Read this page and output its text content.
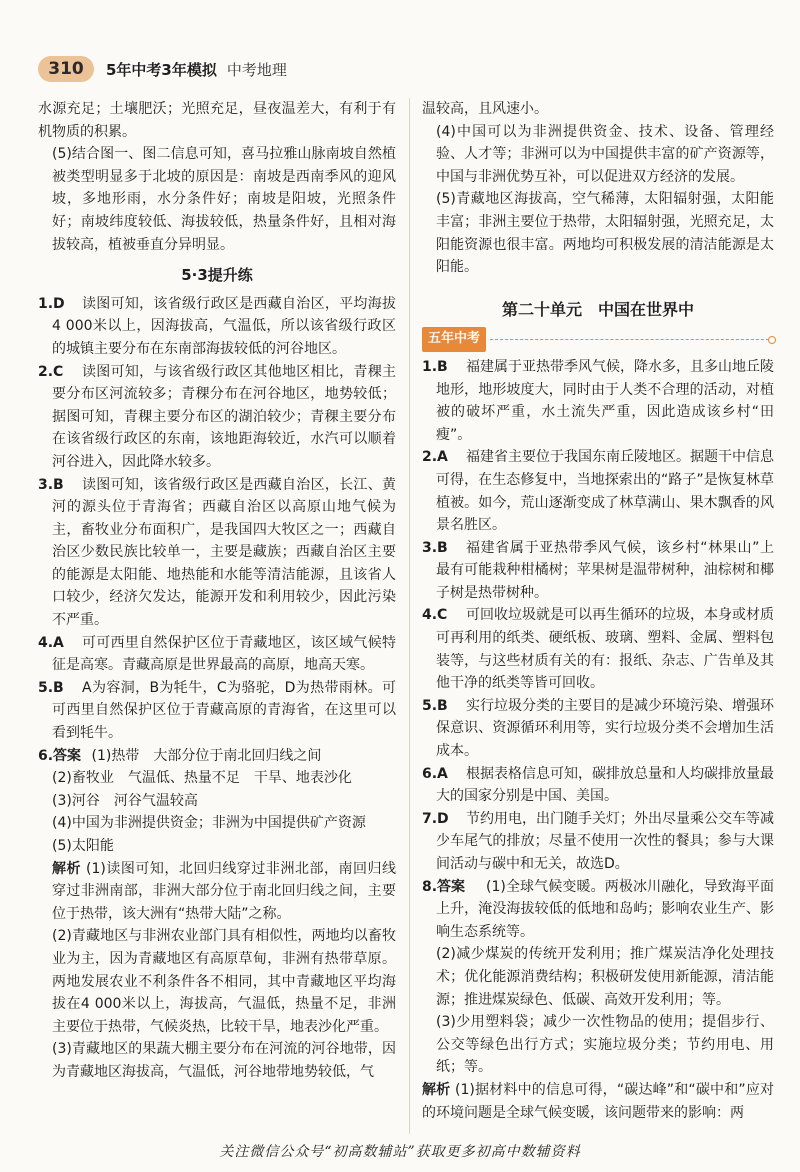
310	5年中考3年模拟 中考地理

水源充足；土壤肥沃；光照充足，昼夜温差大，有利于有机物质的积累。

(5)结合图一、图二信息可知，喜马拉雅山脉南坡自然植被类型明显多于北坡的原因是：南坡是西南季风的迎风坡，多地形雨，水分条件好；南坡是阳坡，光照条件好；南坡纬度较低、海拔较低，热量条件好，且相对海拔较高，植被垂直分异明显。

5·3提升练

1.D	读图可知，该省级行政区是西藏自治区，平均海拔4 000米以上，因海拔高，气温低，所以该省级行政区的城镇主要分布在东南部海拔较低的河谷地区。

2.C	读图可知，与该省级行政区其他地区相比，青稞主要分布区河流较多；青稞分布在河谷地区，地势较低；据图可知，青稞主要分布区的湖泊较少；青稞主要分布在该省级行政区的东南，该地距海较近，水汽可以顺着河谷进入，因此降水较多。

3.B	读图可知，该省级行政区是西藏自治区，长江、黄河的源头位于青海省；西藏自治区以高原山地气候为主，畜牧业分布面积广，是我国四大牧区之一；西藏自治区少数民族比较单一，主要是藏族；西藏自治区主要的能源是太阳能、地热能和水能等清洁能源，且该省人口较少，经济欠发达，能源开发和利用较少，因此污染不严重。

4.A	可可西里自然保护区位于青藏地区，该区域气候特征是高寒。青藏高原是世界最高的高原，地高天寒。

5.B	A为容洞，B为牦牛，C为骆驼，D为热带雨林。可可西里自然保护区位于青藏高原的青海省，在这里可以看到牦牛。

6.答案 (1)热带　大部分位于南北回归线之间

(2)畜牧业　气温低、热量不足　干旱、地表沙化

(3)河谷　河谷气温较高

(4)中国为非洲提供资金；非洲为中国提供矿产资源

(5)太阳能

解析 (1)读图可知，北回归线穿过非洲北部，南回归线穿过非洲南部，非洲大部分位于南北回归线之间，主要位于热带，该大洲有“热带大陆”之称。

(2)青藏地区与非洲农业部门具有相似性，两地均以畜牧业为主，因为青藏地区有高原草甸，非洲有热带草原。两地发展农业不利条件各不相同，其中青藏地区平均海拔在4 000米以上，海拔高，气温低，热量不足，非洲主要位于热带，气候炎热，比较干旱，地表沙化严重。

(3)青藏地区的果蔬大棚主要分布在河流的河谷地带，因为青藏地区海拔高，气温低，河谷地带地势较低，气

温较高，且风速小。

(4)中国可以为非洲提供资金、技术、设备、管理经验、人才等；非洲可以为中国提供丰富的矿产资源等，中国与非洲优势互补，可以促进双方经济的发展。

(5)青藏地区海拔高，空气稀薄，太阳辐射强，太阳能丰富；非洲主要位于热带，太阳辐射强，光照充足，太阳能资源也很丰富。两地均可积极发展的清洁能源是太阳能。

第二十单元　中国在世界中
五年中考

1.B	福建属于亚热带季风气候，降水多，且多山地丘陵地形，地形坡度大，同时由于人类不合理的活动，对植被的破坏严重，水土流失严重，因此造成该乡村“田瘦”。

2.A	福建省主要位于我国东南丘陵地区。据题干中信息可得，在生态修复中，当地探索出的“路子”是恢复林草植被。如今，荒山逐渐变成了林草满山、果木飘香的风景名胜区。

3.B	福建省属于亚热带季风气候，该乡村“林果山”上最有可能栽种柑橘树；苹果树是温带树种，油棕树和椰子树是热带树种。

4.C	可回收垃圾就是可以再生循环的垃圾，本身或材质可再利用的纸类、硬纸板、玻璃、塑料、金属、塑料包装等，与这些材质有关的有：报纸、杂志、广告单及其他干净的纸类等皆可回收。

5.B	实行垃圾分类的主要目的是减少环境污染、增强环保意识、资源循环利用等，实行垃圾分类不会增加生活成本。

6.A	根据表格信息可知，碳排放总量和人均碳排放量最大的国家分别是中国、美国。

7.D	节约用电，出门随手关灯；外出尽量乘公交车等减少车尾气的排放；尽量不使用一次性的餐具；参与大课间活动与碳中和无关，故选D。

8.答案	(1)全球气候变暖。两极冰川融化，导致海平面上升，淹没海拔较低的低地和岛屿；影响农业生产、影响生态系统等。

(2)减少煤炭的传统开发利用；推广煤炭洁净化处理技术；优化能源消费结构；积极研发使用新能源，清洁能源；推进煤炭绿色、低碳、高效开发利用；等。

(3)少用塑料袋；减少一次性物品的使用；提倡步行、公交等绿色出行方式；实施垃圾分类；节约用电、用纸；等。

解析 (1)据材料中的信息可得，“碳达峰”和“碳中和”应对的环境问题是全球气候变暖，该问题带来的影响：两

关注微信公众号“初高数辅站”获取更多初高中数辅资料
